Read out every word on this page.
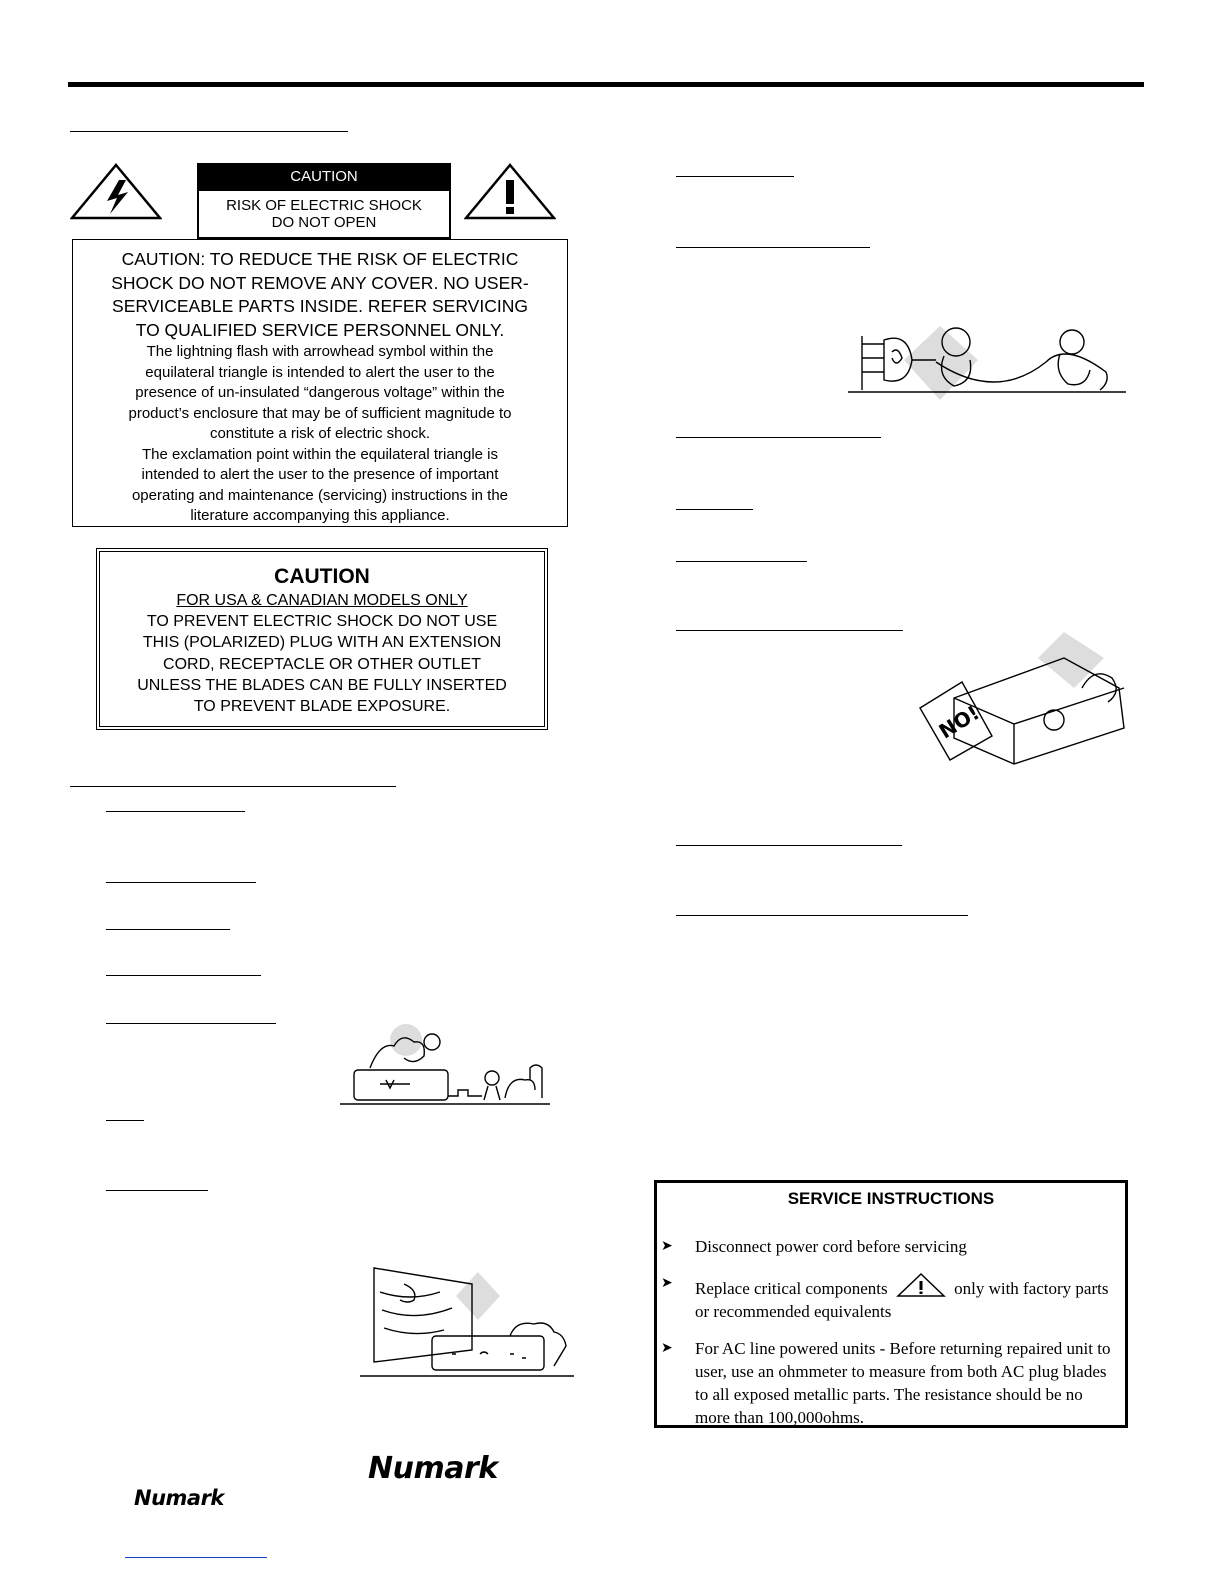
CAUTION
RISK OF ELECTRIC SHOCK
DO NOT OPEN
CAUTION: TO REDUCE THE RISK OF ELECTRIC
SHOCK DO NOT REMOVE ANY COVER. NO USER-
SERVICEABLE PARTS INSIDE. REFER SERVICING
TO QUALIFIED SERVICE PERSONNEL ONLY.
The lightning flash with arrowhead symbol within the
equilateral triangle is intended to alert the user to the
presence of un-insulated “dangerous voltage” within the
product’s enclosure that may be of sufficient magnitude to
constitute a risk of electric shock.
The exclamation point within the equilateral triangle is
intended to alert the user to the presence of important
operating and maintenance (servicing) instructions in the
literature accompanying this appliance.
CAUTION
FOR USA & CANADIAN MODELS ONLY
TO PREVENT ELECTRIC SHOCK DO NOT USE
THIS (POLARIZED) PLUG WITH AN EXTENSION
CORD, RECEPTACLE OR OTHER OUTLET
UNLESS THE BLADES CAN BE FULLY INSERTED
TO PREVENT BLADE EXPOSURE.
Numark
Numark
NO!
SERVICE INSTRUCTIONS
➤ Disconnect power cord before servicing
➤ Replace critical components	only with factory parts or recommended equivalents
➤ For AC line powered units - Before returning repaired unit to user, use an ohmmeter to measure from both AC plug blades to all exposed metallic parts. The resistance should be no more than 100,000ohms.
